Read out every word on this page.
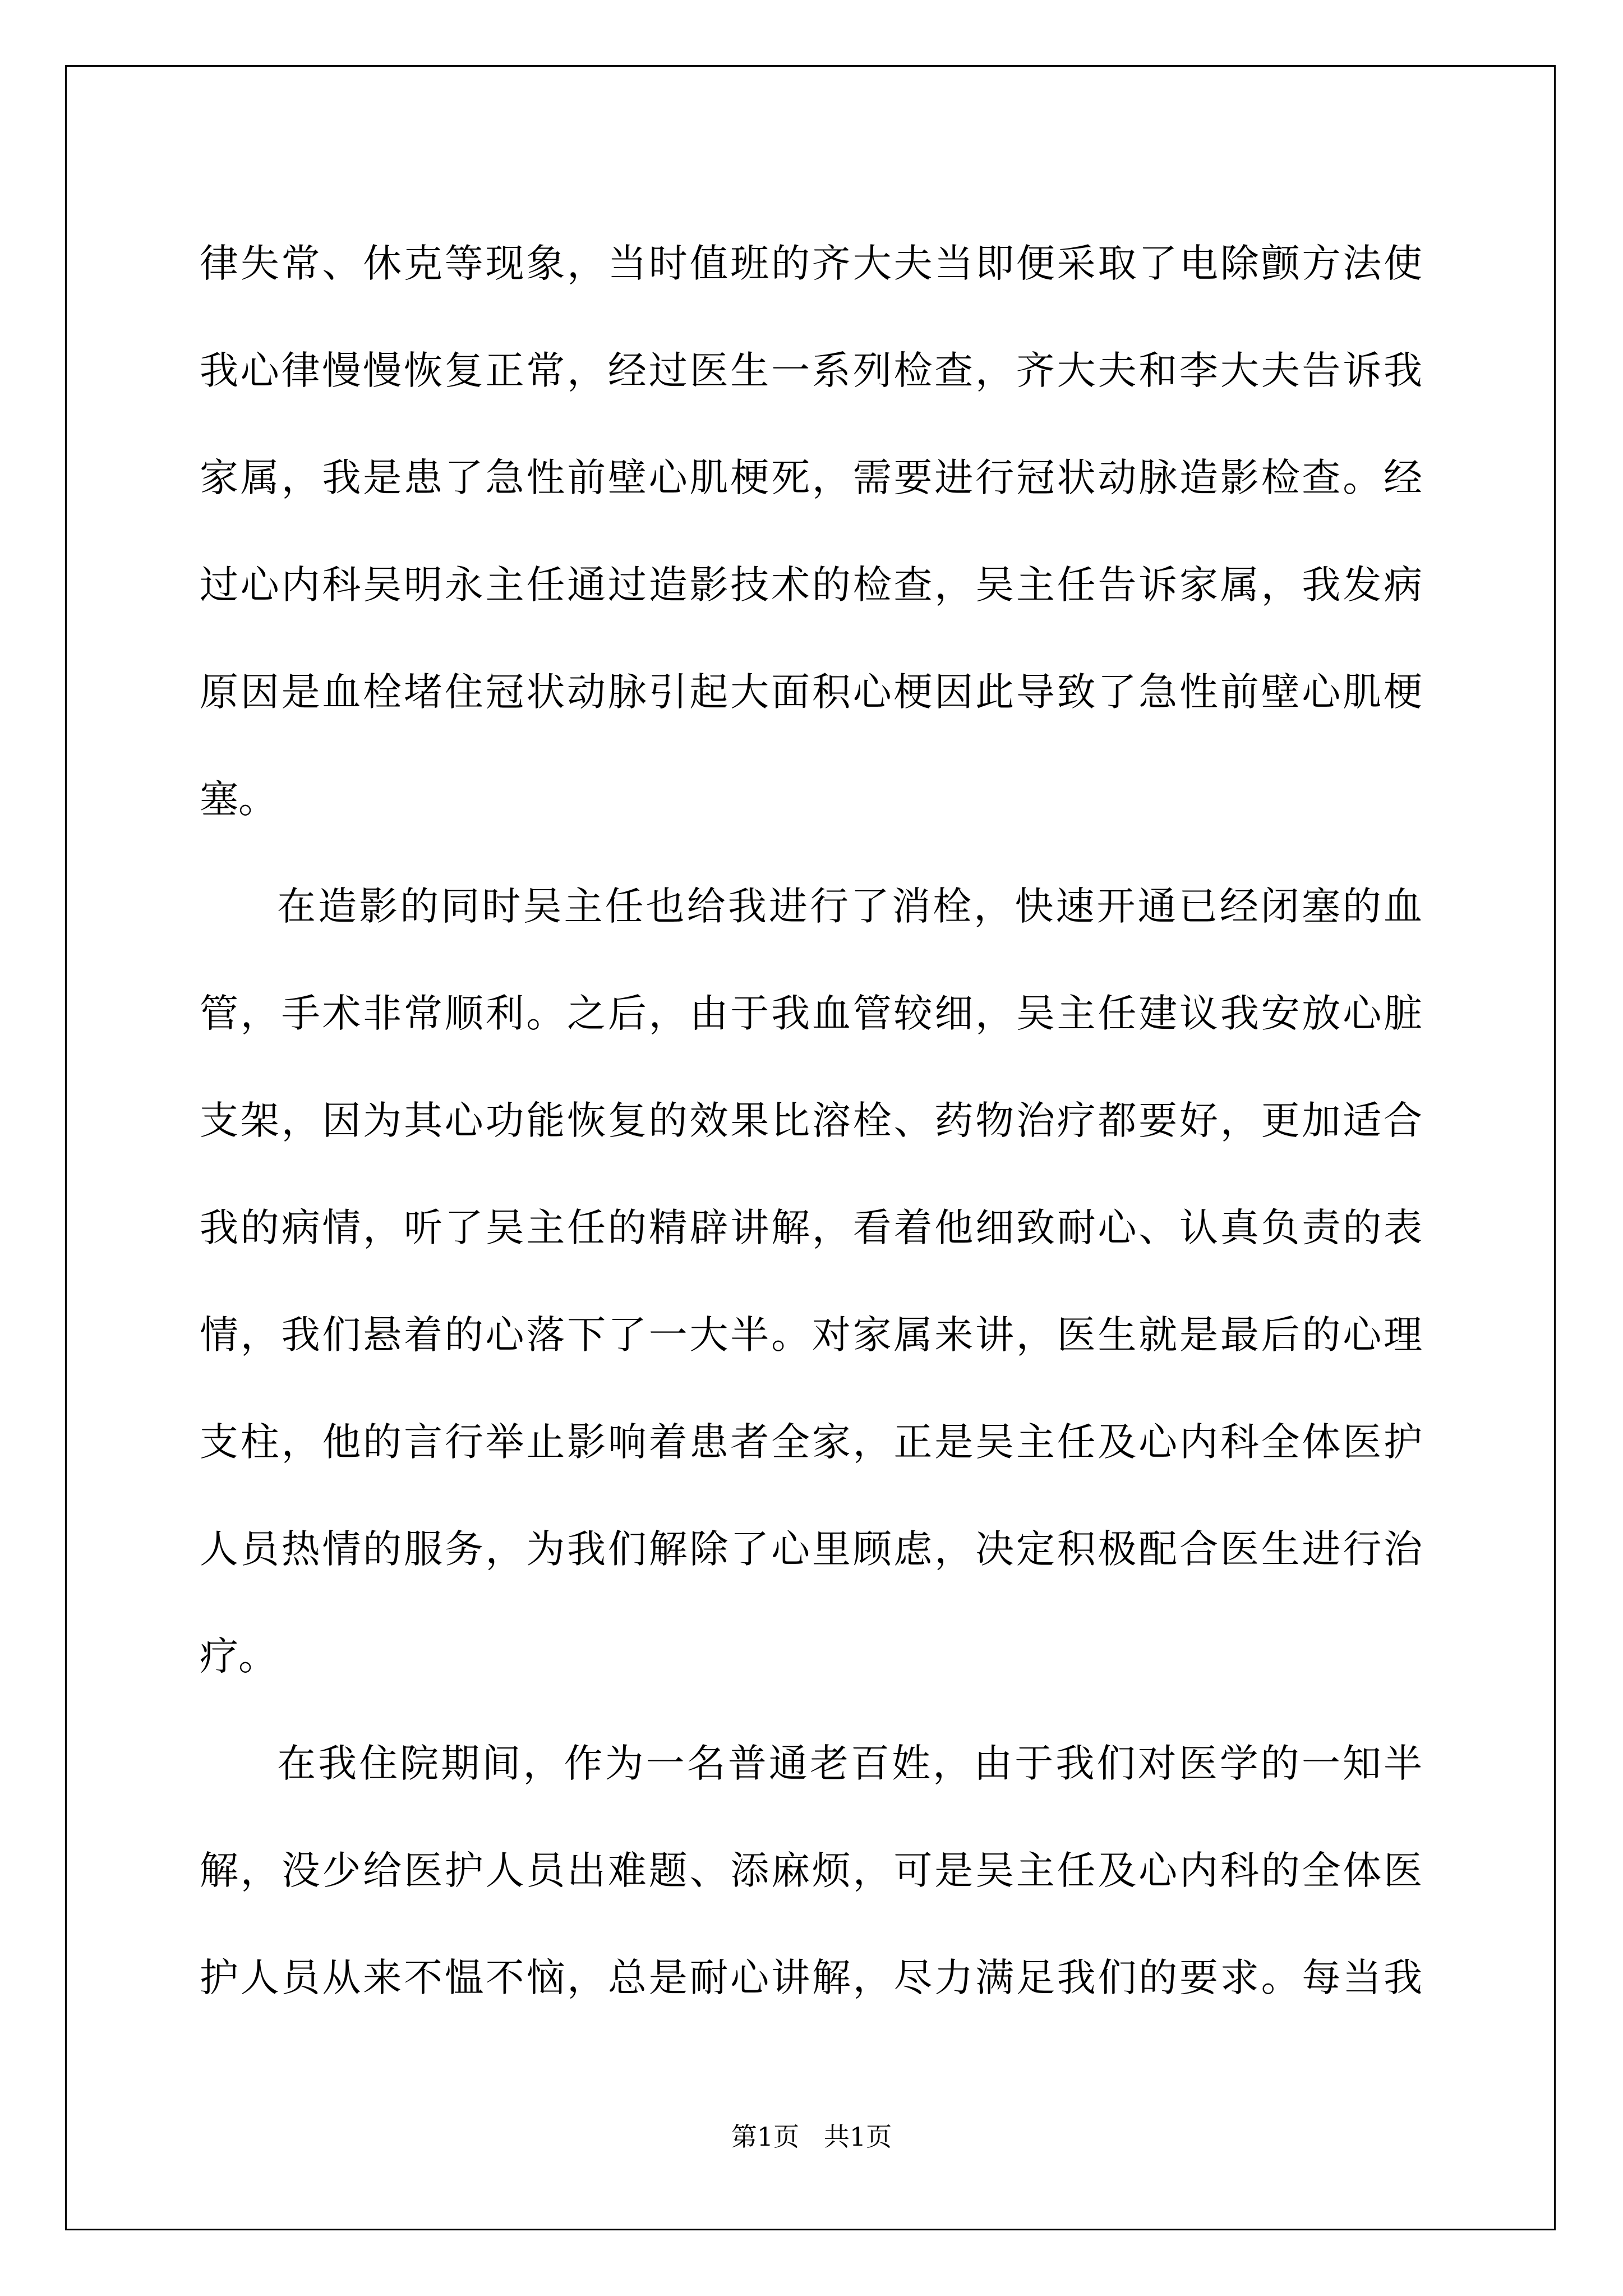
律失常、休克等现象，当时值班的齐大夫当即便采取了电除颤方法使
我心律慢慢恢复正常，经过医生一系列检查，齐大夫和李大夫告诉我
家属，我是患了急性前壁心肌梗死，需要进行冠状动脉造影检查。经
过心内科吴明永主任通过造影技术的检查，吴主任告诉家属，我发病
原因是血栓堵住冠状动脉引起大面积心梗因此导致了急性前壁心肌梗
塞。
在造影的同时吴主任也给我进行了消栓，快速开通已经闭塞的血
管，手术非常顺利。之后，由于我血管较细，吴主任建议我安放心脏
支架，因为其心功能恢复的效果比溶栓、药物治疗都要好，更加适合
我的病情，听了吴主任的精辟讲解，看着他细致耐心、认真负责的表
情，我们悬着的心落下了一大半。对家属来讲，医生就是最后的心理
支柱，他的言行举止影响着患者全家，正是吴主任及心内科全体医护
人员热情的服务，为我们解除了心里顾虑，决定积极配合医生进行治
疗。
在我住院期间，作为一名普通老百姓，由于我们对医学的一知半
解，没少给医护人员出难题、添麻烦，可是吴主任及心内科的全体医
护人员从来不愠不恼，总是耐心讲解，尽力满足我们的要求。每当我
第1页   共1页
